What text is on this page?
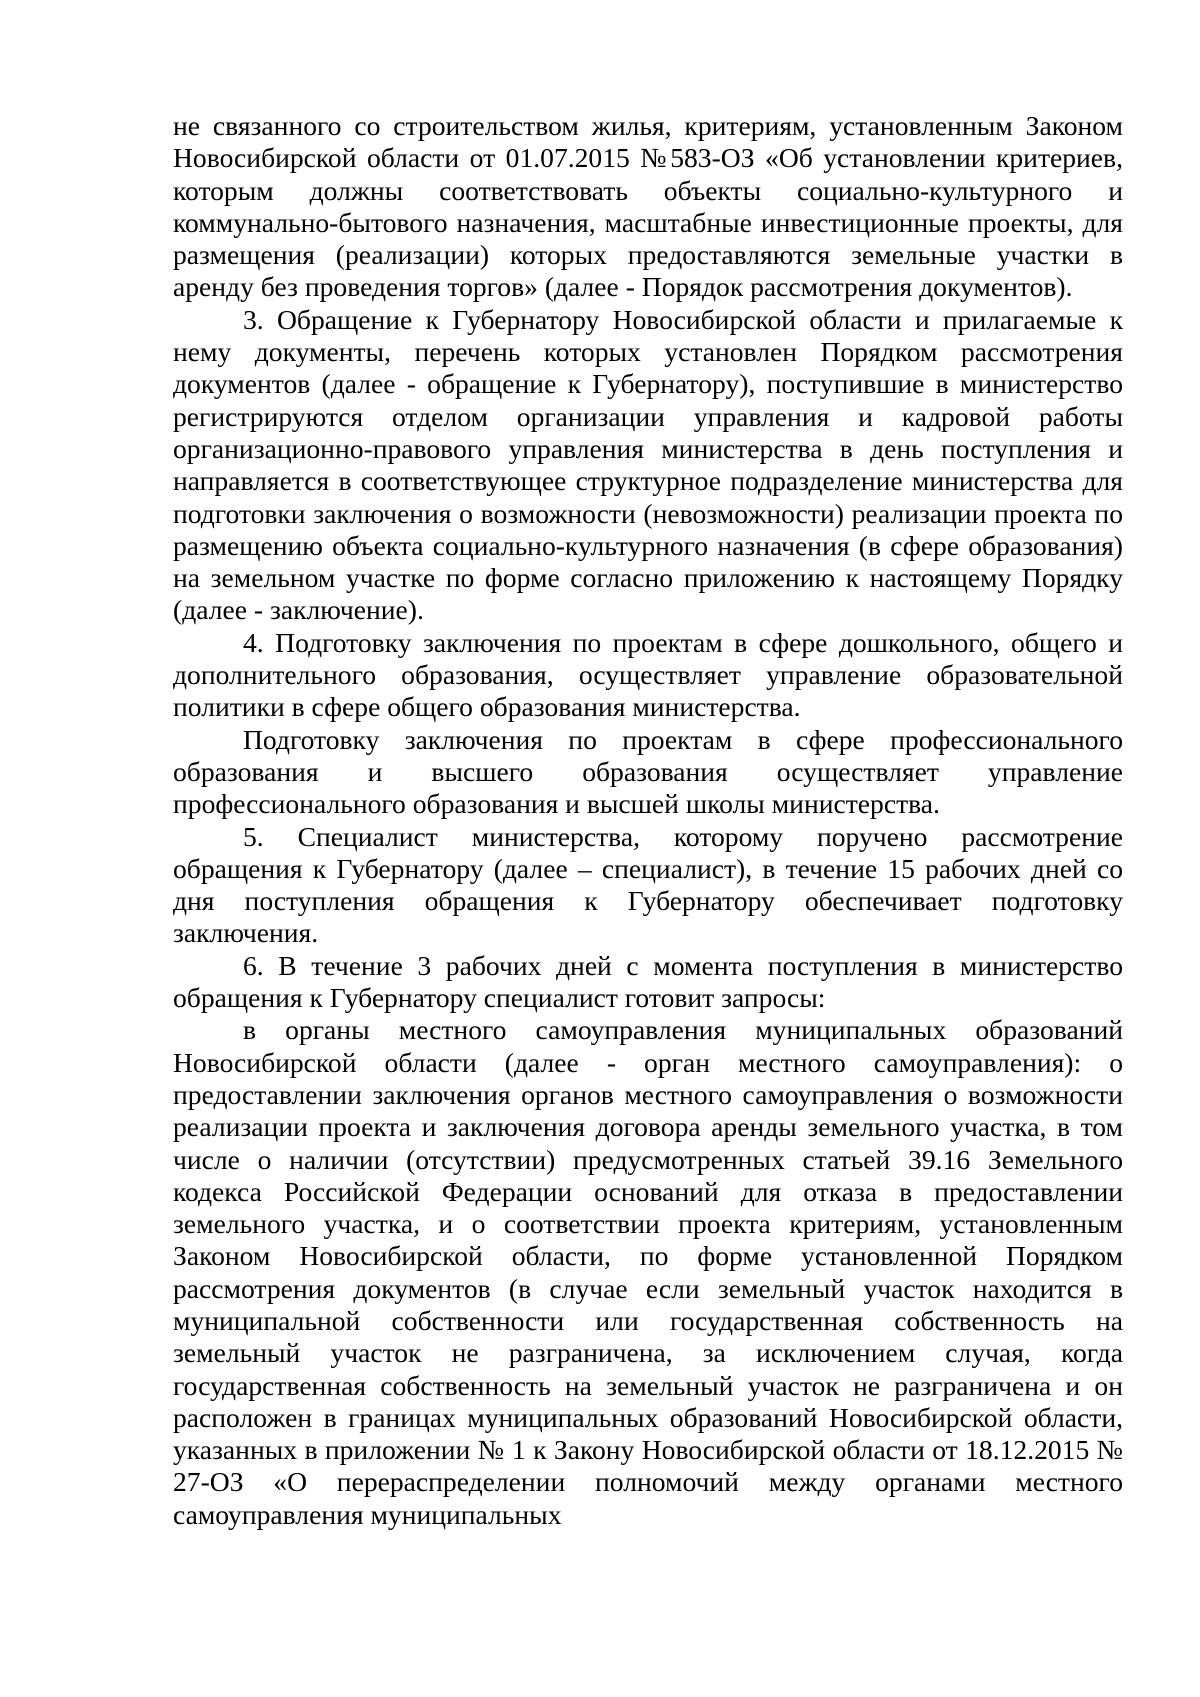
не связанного со строительством жилья, критериям, установленным Законом Новосибирской области от 01.07.2015 №583-ОЗ «Об установлении критериев, которым должны соответствовать объекты социально-культурного и коммунально-бытового назначения, масштабные инвестиционные проекты, для размещения (реализации) которых предоставляются земельные участки в аренду без проведения торгов» (далее - Порядок рассмотрения документов).

3. Обращение к Губернатору Новосибирской области и прилагаемые к нему документы, перечень которых установлен Порядком рассмотрения документов (далее - обращение к Губернатору), поступившие в министерство регистрируются отделом организации управления и кадровой работы организационно-правового управления министерства в день поступления и направляется в соответствующее структурное подразделение министерства для подготовки заключения о возможности (невозможности) реализации проекта по размещению объекта социально-культурного назначения (в сфере образования) на земельном участке по форме согласно приложению к настоящему Порядку (далее - заключение).

4. Подготовку заключения по проектам в сфере дошкольного, общего и дополнительного образования, осуществляет управление образовательной политики в сфере общего образования министерства.

Подготовку заключения по проектам в сфере профессионального образования и высшего образования осуществляет управление профессионального образования и высшей школы министерства.

5. Специалист министерства, которому поручено рассмотрение обращения к Губернатору (далее – специалист), в течение 15 рабочих дней со дня поступления обращения к Губернатору обеспечивает подготовку заключения.

6. В течение 3 рабочих дней с момента поступления в министерство обращения к Губернатору специалист готовит запросы:

в органы местного самоуправления муниципальных образований Новосибирской области (далее - орган местного самоуправления): о предоставлении заключения органов местного самоуправления о возможности реализации проекта и заключения договора аренды земельного участка, в том числе о наличии (отсутствии) предусмотренных статьей 39.16 Земельного кодекса Российской Федерации оснований для отказа в предоставлении земельного участка, и о соответствии проекта критериям, установленным Законом Новосибирской области, по форме установленной Порядком рассмотрения документов (в случае если земельный участок находится в муниципальной собственности или государственная собственность на земельный участок не разграничена, за исключением случая, когда государственная собственность на земельный участок не разграничена и он расположен в границах муниципальных образований Новосибирской области, указанных в приложении № 1 к Закону Новосибирской области от 18.12.2015 № 27-ОЗ «О перераспределении полномочий между органами местного самоуправления муниципальных
